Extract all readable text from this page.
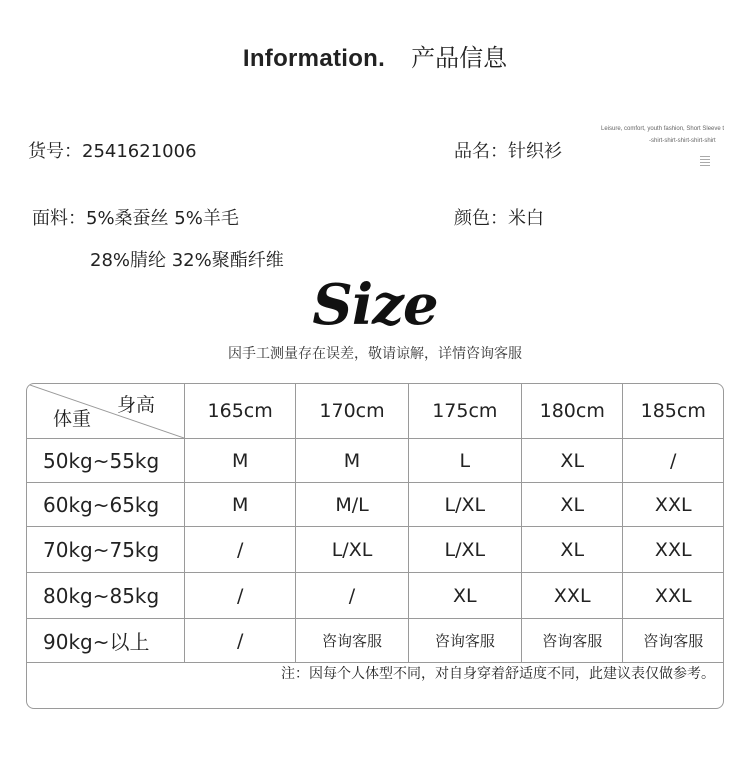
Information. 产品信息
货号：2541621006	品名：针织衫
面料：5%桑蚕丝 5%羊毛
28%腈纶 32%聚酯纤维
颜色：米白
Leisure, comfort, youth fashion, Short Sleeve t
-shirt-shirt-shirt-shirt-shirt
Size
因手工测量存在误差，敬请谅解，详情咨询客服
身高
体重	165cm	170cm	175cm	180cm	185cm
50kg~55kg	M	M	L	XL	/
60kg~65kg	M	M/L	L/XL	XL	XXL
70kg~75kg	/	L/XL	L/XL	XL	XXL
80kg~85kg	/	/	XL	XXL	XXL
90kg~以上	/	咨询客服	咨询客服	咨询客服	咨询客服
注：因每个人体型不同，对自身穿着舒适度不同，此建议表仅做参考。
